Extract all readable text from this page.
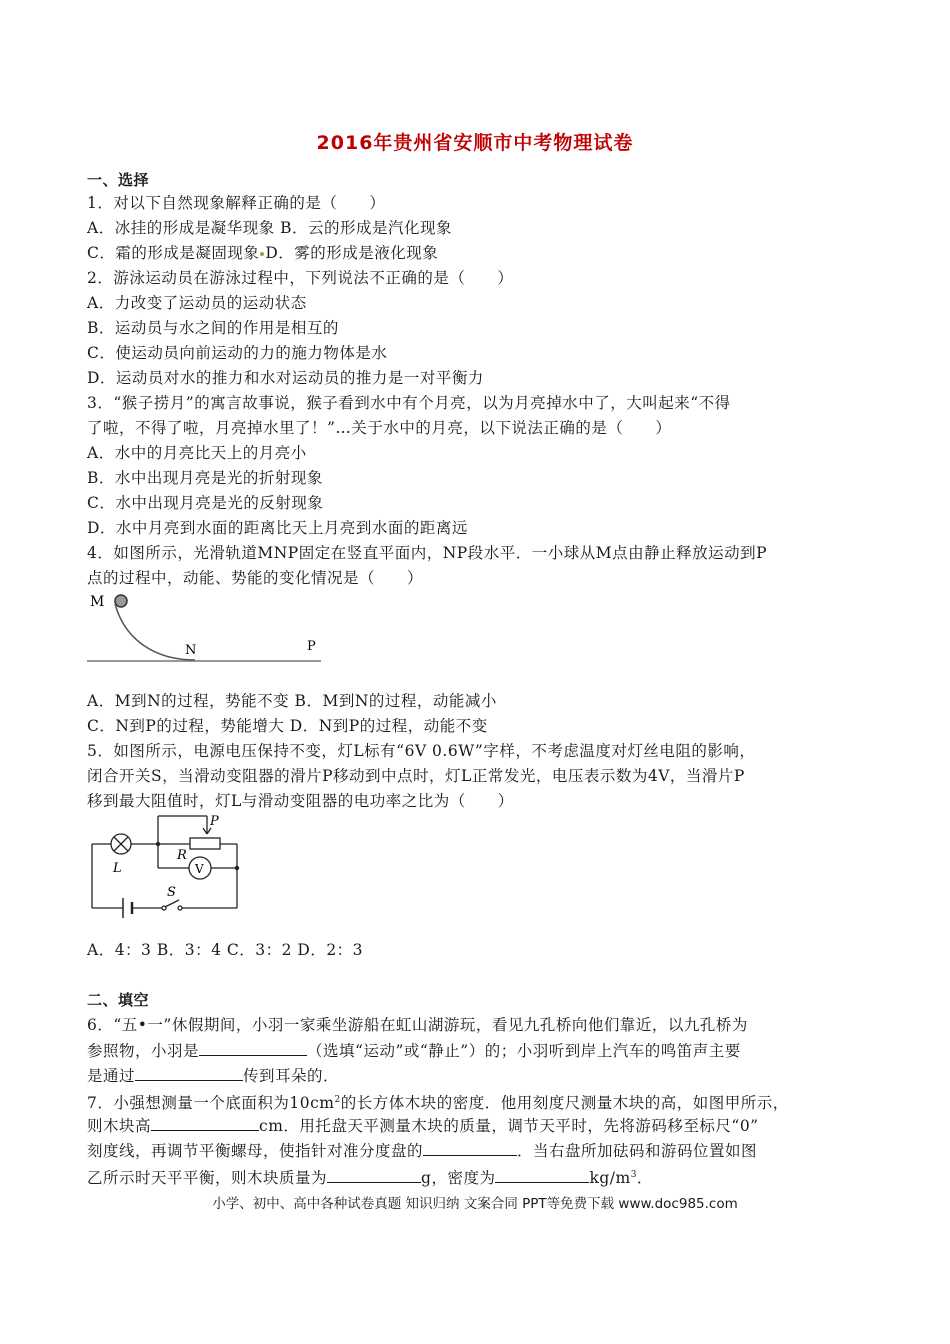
2016年贵州省安顺市中考物理试卷
一、选择
1．对以下自然现象解释正确的是（　　）
A．冰挂的形成是凝华现象 B．云的形成是汽化现象
C．霜的形成是凝固现象 D．雾的形成是液化现象
2．游泳运动员在游泳过程中，下列说法不正确的是（　　）
A．力改变了运动员的运动状态
B．运动员与水之间的作用是相互的
C．使运动员向前运动的力的施力物体是水
D．运动员对水的推力和水对运动员的推力是一对平衡力
3．“猴子捞月”的寓言故事说，猴子看到水中有个月亮，以为月亮掉水中了，大叫起来“不得
了啦，不得了啦，月亮掉水里了！”…关于水中的月亮，以下说法正确的是（　　）
A．水中的月亮比天上的月亮小
B．水中出现月亮是光的折射现象
C．水中出现月亮是光的反射现象
D．水中月亮到水面的距离比天上月亮到水面的距离远
4．如图所示，光滑轨道MNP固定在竖直平面内，NP段水平．一小球从M点由静止释放运动到P
点的过程中，动能、势能的变化情况是（　　）
M
N	P
A．M到N的过程，势能不变 B．M到N的过程，动能减小
C．N到P的过程，势能增大 D．N到P的过程，动能不变
5．如图所示，电源电压保持不变，灯L标有“6V 0.6W”字样，不考虑温度对灯丝电阻的影响，
闭合开关S，当滑动变阻器的滑片P移动到中点时，灯L正常发光，电压表示数为4V，当滑片P
移到最大阻值时，灯L与滑动变阻器的电功率之比为（　　）
L
P
R
V
S
A．4：3 B．3：4 C．3：2 D．2：3
二、填空
6．“五•一”休假期间，小羽一家乘坐游船在虹山湖游玩，看见九孔桥向他们靠近，以九孔桥为
参照物，小羽是	（选填“运动”或“静止”）的；小羽听到岸上汽车的鸣笛声主要
是通过	传到耳朵的．
7．小强想测量一个底面积为$10cm^2$的长方体木块的密度．他用刻度尺测量木块的高，如图甲所示，
则木块高	cm．用托盘天平测量木块的质量，调节天平时，先将游码移至标尺“0”
刻度线，再调节平衡螺母，使指针对准分度盘的	．当右盘所加砝码和游码位置如图
乙所示时天平平衡，则木块质量为	g，密度为	$kg/m^3$．
小学、初中、高中各种试卷真题 知识归纳 文案合同 PPT等免费下载 www.doc985.com
